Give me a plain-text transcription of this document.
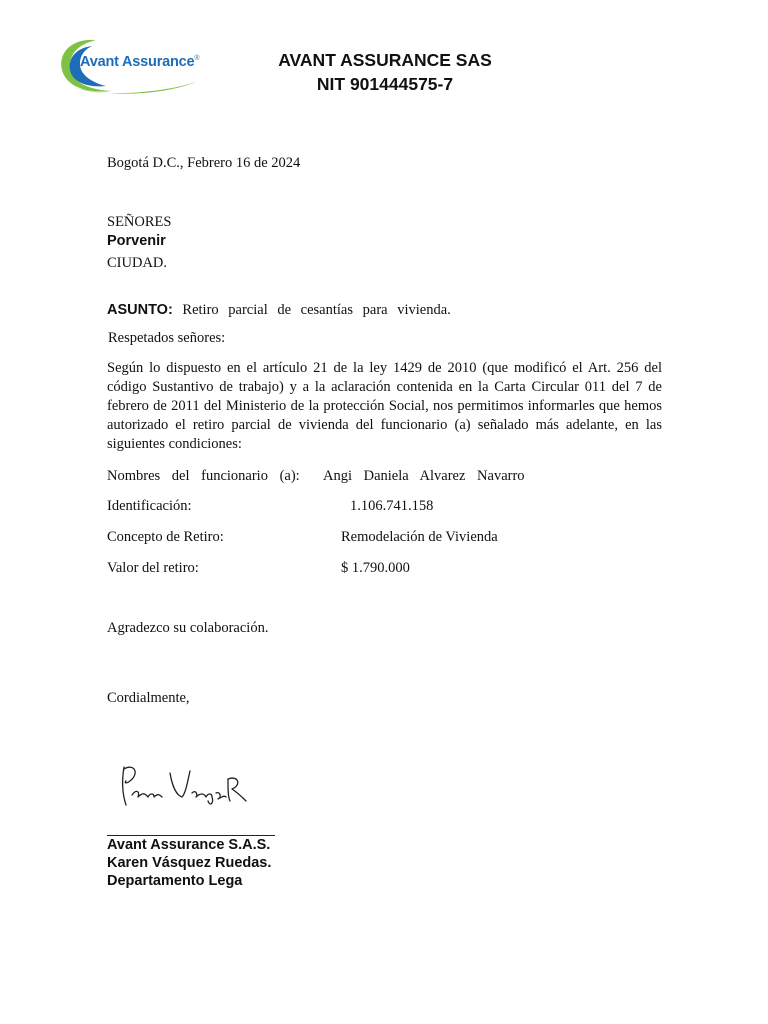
Avant Assurance®	AVANT ASSURANCE SAS
NIT 901444575-7
Bogotá D.C., Febrero 16 de 2024
SEÑORES
Porvenir
CIUDAD.
ASUNTO: Retiro parcial de cesantías para vivienda.
Respetados señores:
Según lo dispuesto en el artículo 21 de la ley 1429 de 2010 (que modificó el Art. 256 del código Sustantivo de trabajo) y a la aclaración contenida en la Carta Circular 011 del 7 de febrero de 2011 del Ministerio de la protección Social, nos permitimos informarles que hemos autorizado el retiro parcial de vivienda del funcionario (a) señalado más adelante, en las siguientes condiciones:
Nombres del funcionario (a): Angi Daniela Alvarez Navarro
Identificación:	1.106.741.158
Concepto de Retiro:	Remodelación de Vivienda
Valor del retiro:	$ 1.790.000
Agradezco su colaboración.
Cordialmente,
Avant Assurance S.A.S.
Karen Vásquez Ruedas.
Departamento Lega
